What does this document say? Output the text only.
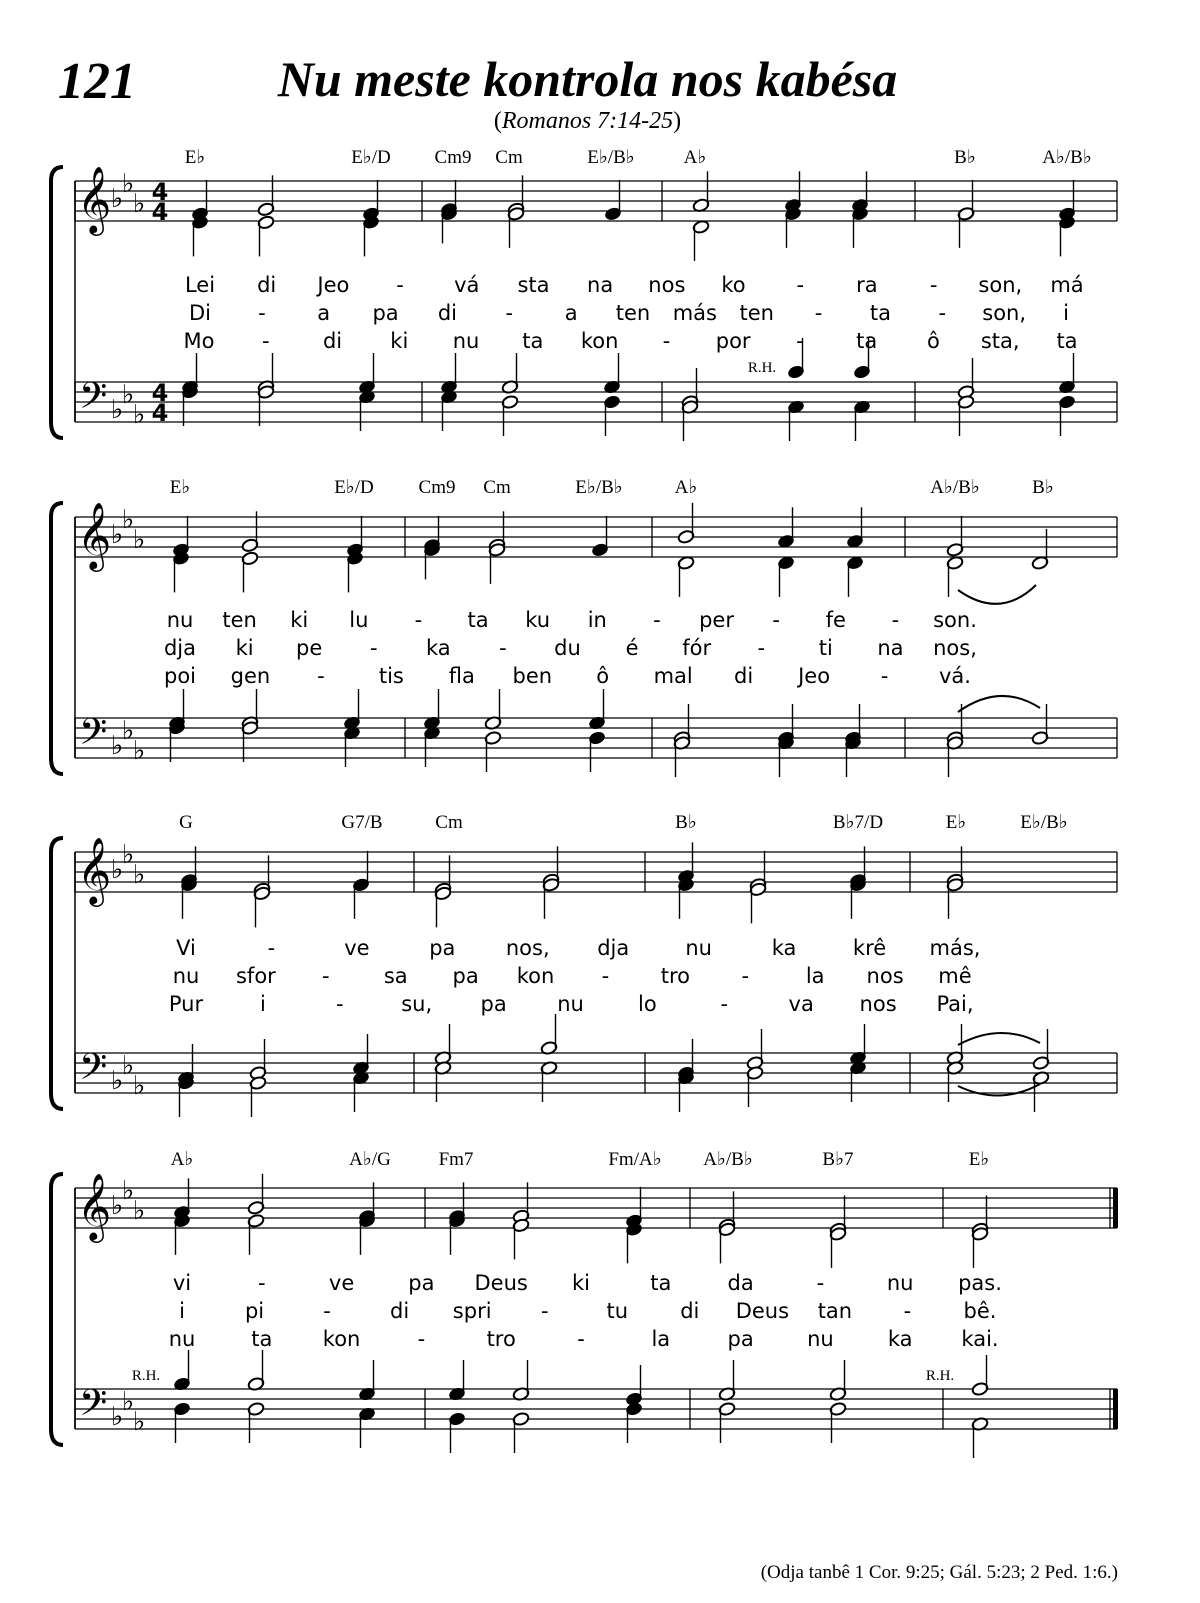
121	Nu meste kontrola nos kabésa
(Romanos 7:14-25)
𝄞 ♭
♭
♭ 4
4
𝄢 ♭
♭
♭
4
4
E♭	E♭/D Cm9 Cm	E♭/B♭	A♭	B♭	A♭/B♭
Lei di Jeo - vá sta na nos ko - ra - son, má
Di - a pa di - a ten más ten - ta - son, i
Mo -	di ki nu ta kon - por - ta ô sta, ta
R.H.
𝄞 ♭
♭
♭
𝄢 ♭
♭
♭
E♭	E♭/D Cm9 Cm	E♭/B♭	A♭	A♭/B♭	B♭
nu ten ki lu - ta ku in - per - fe - son.
dja ki pe - ka - du é fór -	ti na nos,
poi gen -	tis fla ben ô mal di Jeo - vá.
𝄞 ♭
♭
♭
𝄢 ♭
♭
♭
G	G7/B	Cm	B♭	B♭7/D	E♭	E♭/B♭
Vi	-	ve	pa nos, dja	nu	ka	krê más,
nu sfor -	sa pa kon - tro -	la nos mê
Pur	i	-	su, pa nu	lo	-	va nos Pai,
𝄞 ♭
♭
♭
𝄢 ♭
♭
♭
A♭	A♭/G	Fm7	Fm/A♭ A♭/B♭	B♭7	E♭
vi	-	ve	pa Deus ki	ta	da	-	nu pas.
i	pi	-	di spri -	tu di Deus tan - bê.
nu	ta kon	-	tro	-	la	pa	nu	ka kai.
R.H.	R.H.
(Odja tanbê 1 Cor. 9:25; Gál. 5:23; 2 Ped. 1:6.)
